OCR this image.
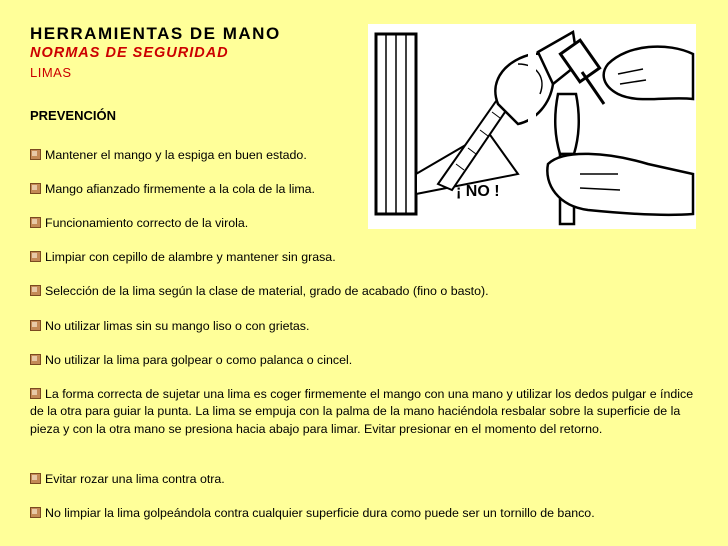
HERRAMIENTAS DE MANO
NORMAS DE SEGURIDAD
LIMAS
¡ NO !
PREVENCIÓN
Mantener el mango y la espiga en buen estado.
Mango afianzado firmemente a la cola de la lima.
Funcionamiento correcto de la virola.
Limpiar con cepillo de alambre y mantener sin grasa.
Selección de la lima según la clase de material, grado de acabado (fino o basto).
No utilizar limas sin su mango liso o con grietas.
No utilizar la lima para golpear o como palanca o cincel.
La forma correcta de sujetar una lima es coger firmemente el mango con una mano y utilizar los dedos pulgar e índice de la otra para guiar la punta. La lima se empuja con la palma de la mano haciéndola resbalar sobre la superficie de la pieza y con la otra mano se presiona hacia abajo para limar. Evitar presionar en el momento del retorno.
Evitar rozar una lima contra otra.
No limpiar la lima golpeándola contra cualquier superficie dura como puede ser un tornillo de banco.
